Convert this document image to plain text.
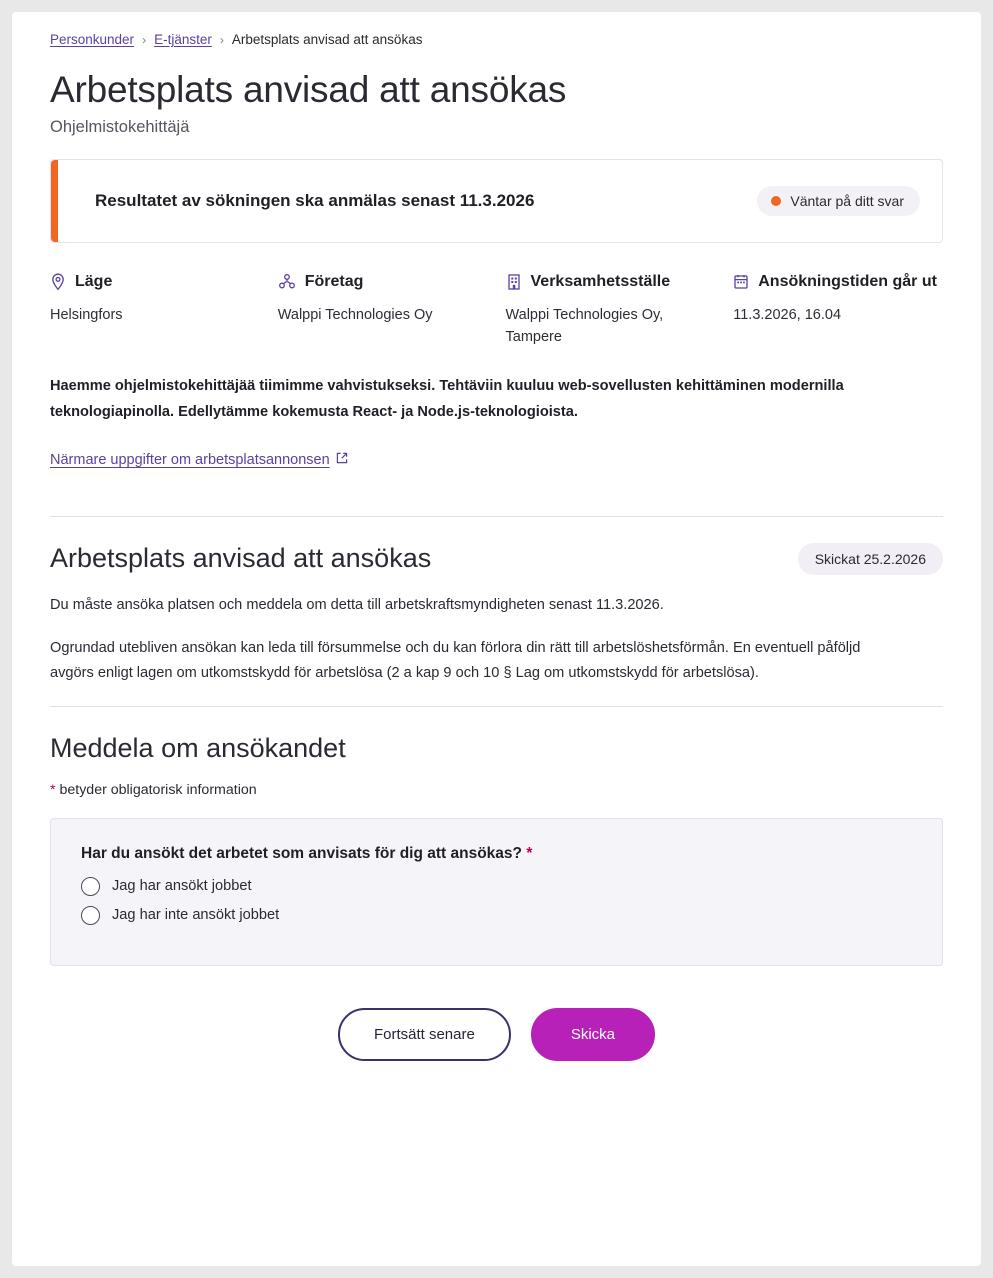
Personkunder › E-tjänster › Arbetsplats anvisad att ansökas
Arbetsplats anvisad att ansökas

Ohjelmistokehittäjä

Resultatet av sökningen ska anmälas senast 11.3.2026	Väntar på ditt svar
Läge
Helsingfors
Företag
Walppi Technologies Oy
Verksamhetsställe
Walppi Technologies Oy, Tampere
Ansökningstiden går ut
11.3.2026, 16.04

Haemme ohjelmistokehittäjää tiimimme vahvistukseksi. Tehtäviin kuuluu web-sovellusten kehittäminen modernilla teknologiapinolla. Edellytämme kokemusta React- ja Node.js-teknologioista.

Närmare uppgifter om arbetsplatsannonsen
Arbetsplats anvisad att ansökas	Skickat 25.2.2026

Du måste ansöka platsen och meddela om detta till arbetskraftsmyndigheten senast 11.3.2026.

Ogrundad utebliven ansökan kan leda till försummelse och du kan förlora din rätt till arbetslöshetsförmån. En eventuell påföljd avgörs enligt lagen om utkomstskydd för arbetslösa (2 a kap 9 och 10 § Lag om utkomstskydd för arbetslösa).

Meddela om ansökandet

* betyder obligatorisk information

Har du ansökt det arbetet som anvisats för dig att ansökas? *

Jag har ansökt jobbet
Jag har inte ansökt jobbet
Fortsätt senare	Skicka
